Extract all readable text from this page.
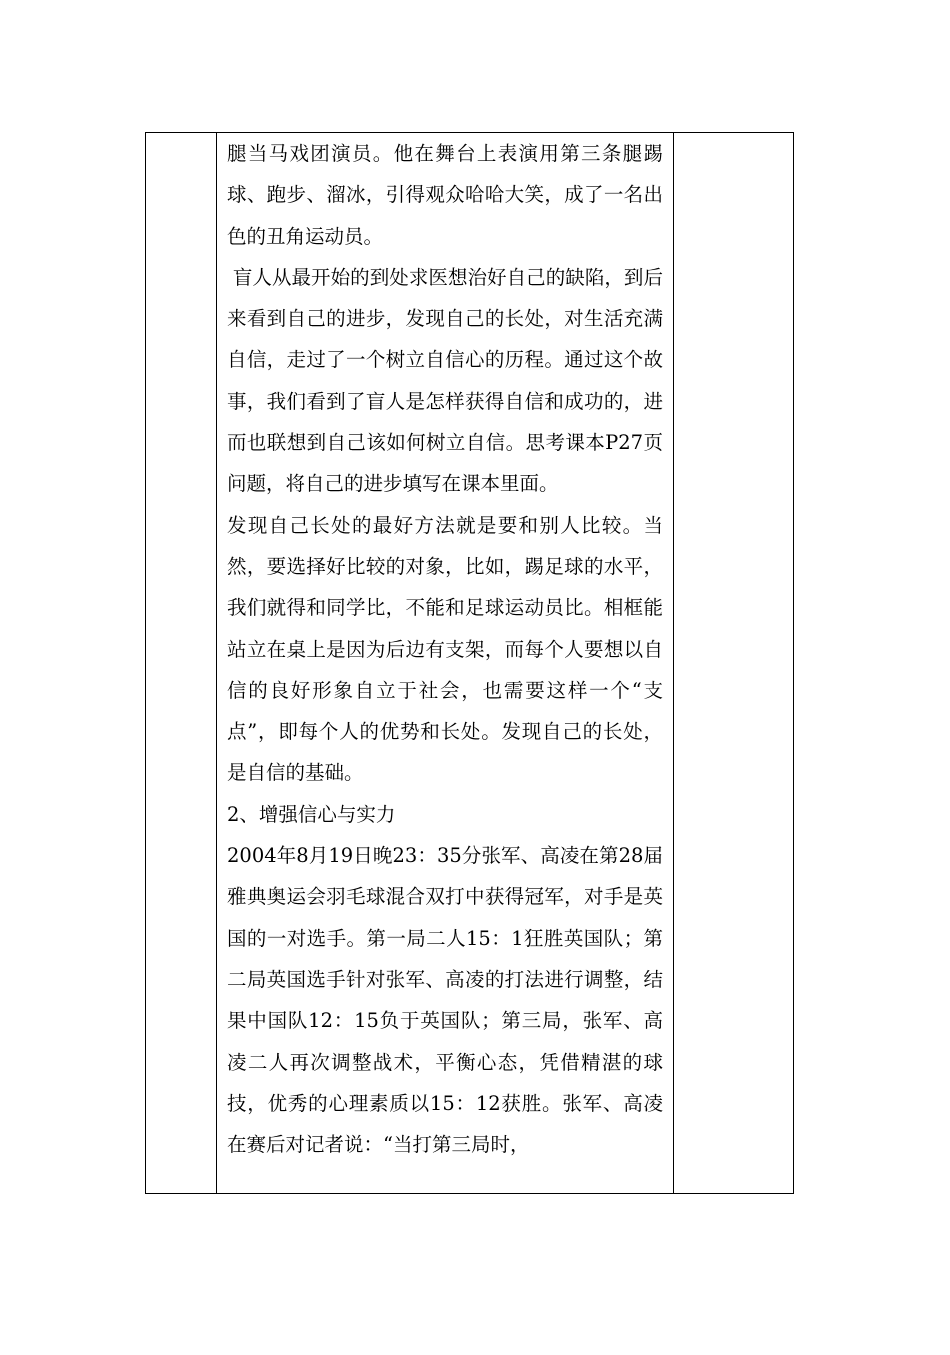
腿当马戏团演员。他在舞台上表演用第三条腿踢球、跑步、溜冰，引得观众哈哈大笑，成了一名出色的丑角运动员。

盲人从最开始的到处求医想治好自己的缺陷，到后来看到自己的进步，发现自己的长处，对生活充满自信，走过了一个树立自信心的历程。通过这个故事，我们看到了盲人是怎样获得自信和成功的，进而也联想到自己该如何树立自信。思考课本P27页问题，将自己的进步填写在课本里面。

发现自己长处的最好方法就是要和别人比较。当然，要选择好比较的对象，比如，踢足球的水平，我们就得和同学比，不能和足球运动员比。相框能站立在桌上是因为后边有支架，而每个人要想以自信的良好形象自立于社会，也需要这样一个“支点”，即每个人的优势和长处。发现自己的长处，是自信的基础。

2、增强信心与实力

2004年8月19日晚23：35分张军、高凌在第28届雅典奥运会羽毛球混合双打中获得冠军，对手是英国的一对选手。第一局二人15：1狂胜英国队；第二局英国选手针对张军、高凌的打法进行调整，结果中国队12：15负于英国队；第三局，张军、高凌二人再次调整战术，平衡心态，凭借精湛的球技，优秀的心理素质以15：12获胜。张军、高凌在赛后对记者说：“当打第三局时，
